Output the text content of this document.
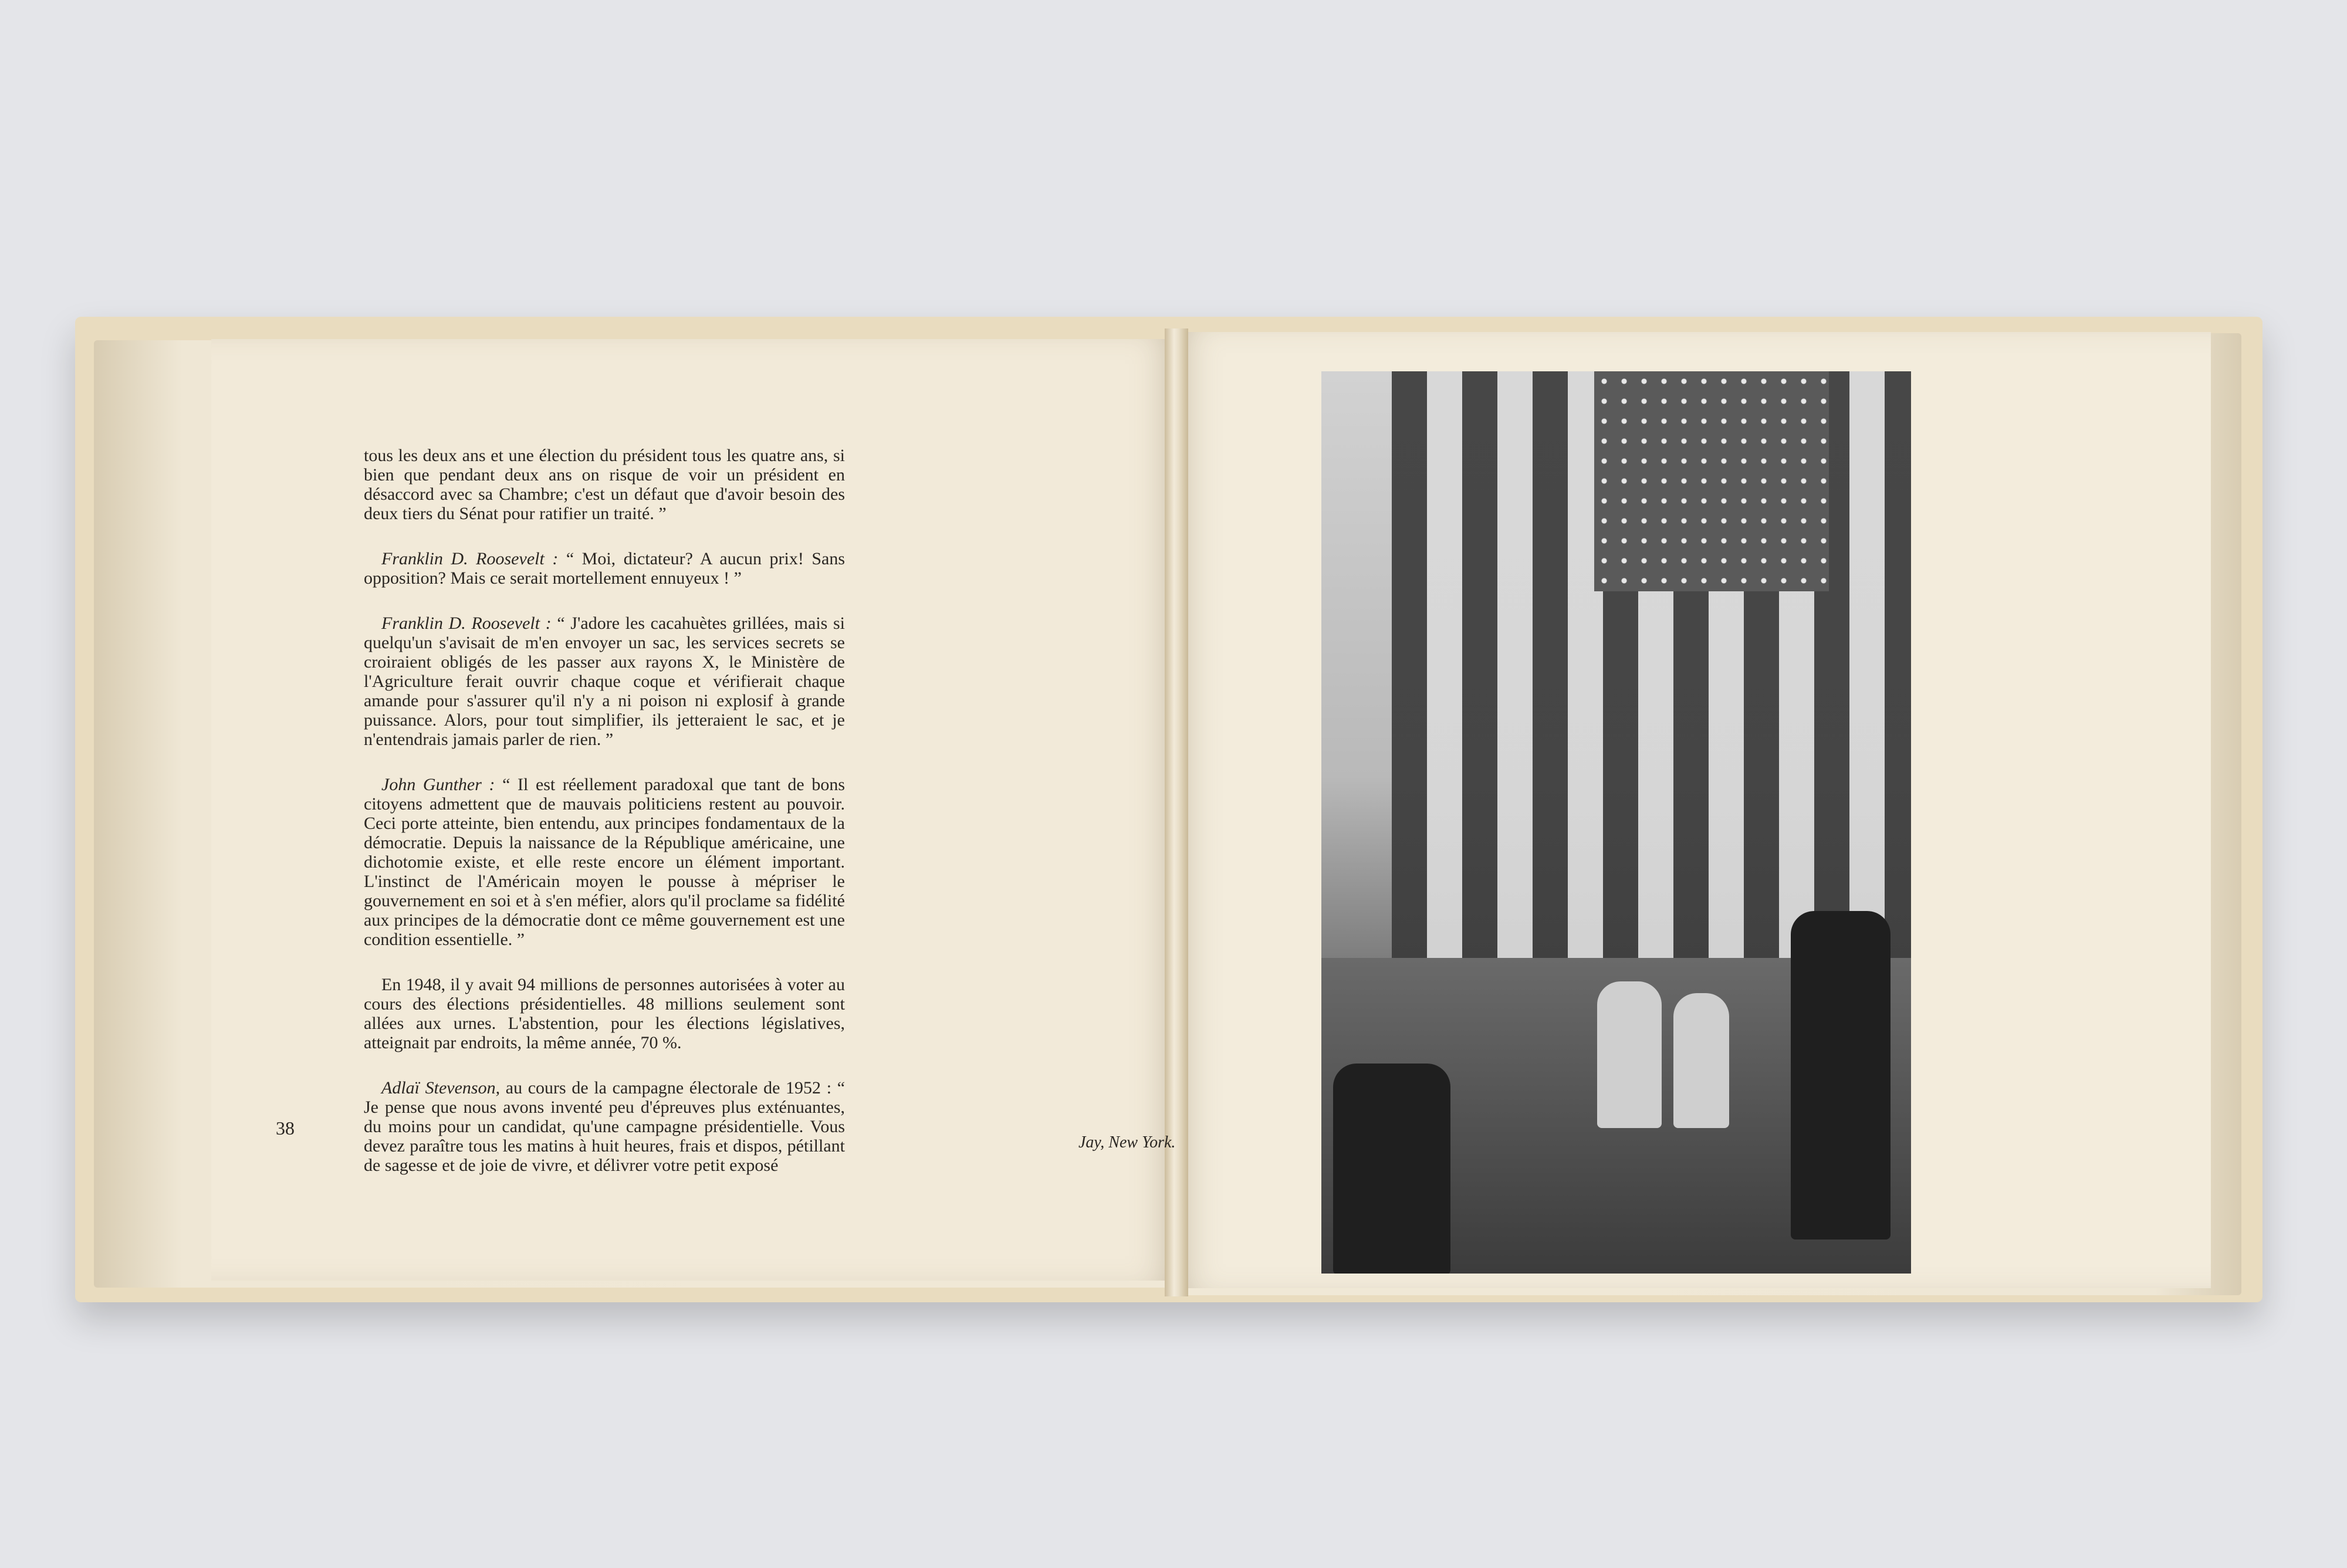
tous les deux ans et une élection du président tous les quatre ans, si bien que pendant deux ans on risque de voir un président en désaccord avec sa Chambre; c'est un défaut que d'avoir besoin des deux tiers du Sénat pour ratifier un traité. ”

Franklin D. Roosevelt : “ Moi, dictateur? A aucun prix! Sans opposition? Mais ce serait mortellement ennuyeux ! ”

Franklin D. Roosevelt : “ J'adore les cacahuètes grillées, mais si quelqu'un s'avisait de m'en envoyer un sac, les services secrets se croiraient obligés de les passer aux rayons X, le Ministère de l'Agriculture ferait ouvrir chaque coque et vérifierait chaque amande pour s'assurer qu'il n'y a ni poison ni explosif à grande puissance. Alors, pour tout simplifier, ils jetteraient le sac, et je n'entendrais jamais parler de rien. ”

John Gunther : “ Il est réellement paradoxal que tant de bons citoyens admettent que de mauvais politiciens restent au pouvoir. Ceci porte atteinte, bien entendu, aux principes fondamentaux de la démocratie. Depuis la naissance de la République américaine, une dichotomie existe, et elle reste encore un élément important. L'instinct de l'Américain moyen le pousse à mépriser le gouvernement en soi et à s'en méfier, alors qu'il proclame sa fidélité aux principes de la démocratie dont ce même gouvernement est une condition essentielle. ”

En 1948, il y avait 94 millions de personnes autorisées à voter au cours des élections présidentielles. 48 millions seulement sont allées aux urnes. L'abstention, pour les élections législatives, atteignait par endroits, la même année, 70 %.

Adlaï Stevenson, au cours de la campagne électorale de 1952 : “ Je pense que nous avons inventé peu d'épreuves plus exténuantes, du moins pour un candidat, qu'une campagne présidentielle. Vous devez paraître tous les matins à huit heures, frais et dispos, pétillant de sagesse et de joie de vivre, et délivrer votre petit exposé

38
Jay, New York.
